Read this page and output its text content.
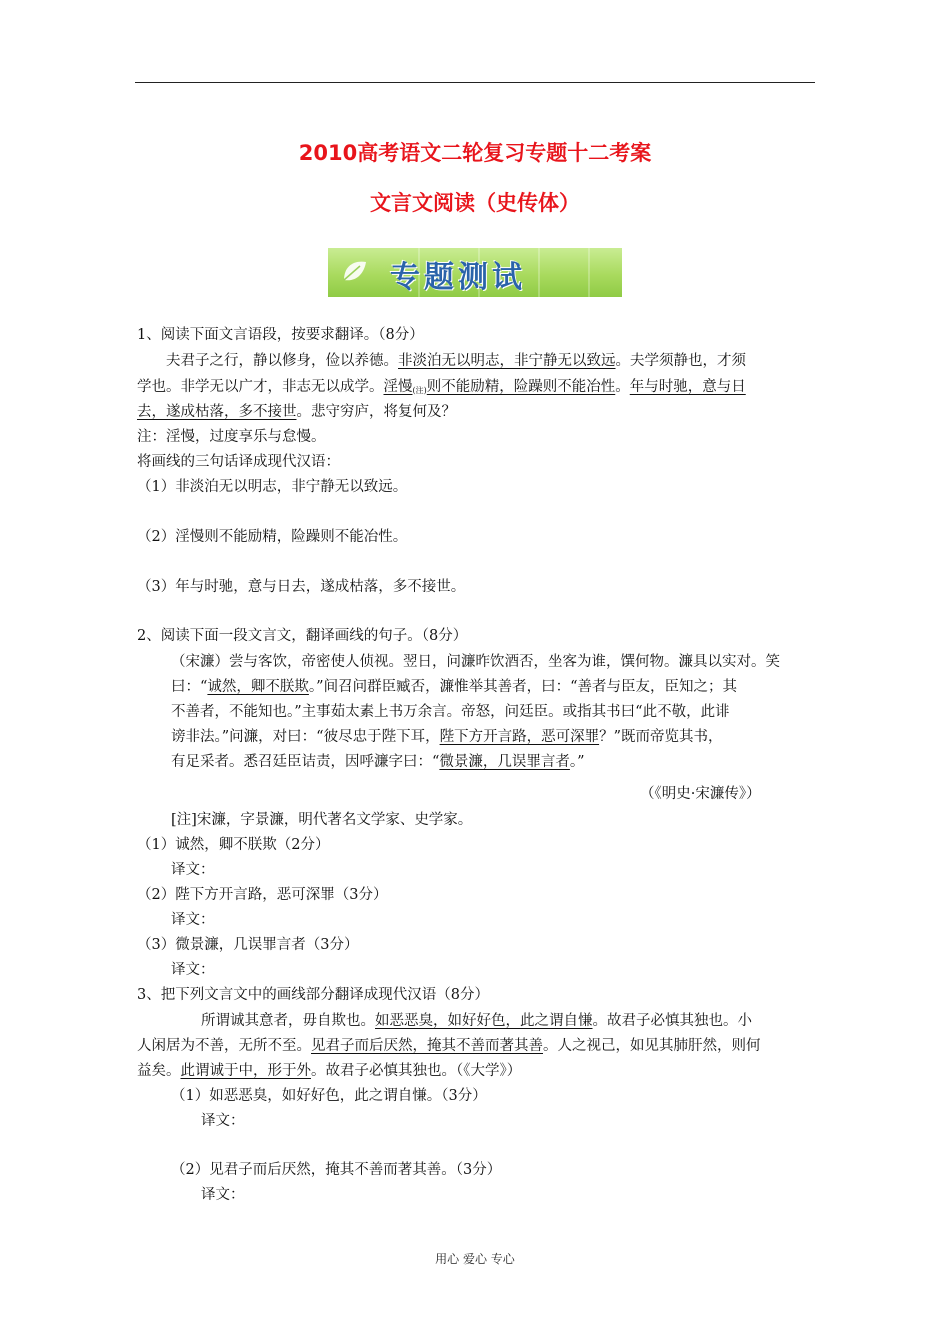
2010高考语文二轮复习专题十二考案
文言文阅读（史传体）
专题测试
1、阅读下面文言语段，按要求翻译。（8分）
夫君子之行，静以修身，俭以养德。非淡泊无以明志，非宁静无以致远。夫学须静也，才须
学也。非学无以广才，非志无以成学。淫慢$_{(注)}$则不能励精，险躁则不能冶性。年与时驰，意与日
去，遂成枯落，多不接世。悲守穷庐，将复何及？
注：淫慢，过度享乐与怠慢。
将画线的三句话译成现代汉语：
（1）非淡泊无以明志，非宁静无以致远。
（2）淫慢则不能励精，险躁则不能冶性。
（3）年与时驰，意与日去，遂成枯落，多不接世。
2、阅读下面一段文言文，翻译画线的句子。（8分）
（宋濂）尝与客饮，帝密使人侦视。翌日，问濂昨饮酒否，坐客为谁，馔何物。濂具以实对。笑
曰：“诚然，卿不朕欺。”间召问群臣臧否，濂惟举其善者，曰：“善者与臣友，臣知之；其
不善者，不能知也。”主事茹太素上书万余言。帝怒，问廷臣。或指其书曰“此不敬，此诽
谤非法。”问濂，对曰：“彼尽忠于陛下耳，陛下方开言路，恶可深罪？”既而帝览其书，
有足采者。悉召廷臣诘责，因呼濂字曰：“微景濂，几误罪言者。”
（《明史·宋濂传》）
[注]宋濂，字景濂，明代著名文学家、史学家。
（1）诚然，卿不朕欺（2分）
译文：
（2）陛下方开言路，恶可深罪（3分）
译文：
（3）微景濂，几误罪言者（3分）
译文：
3、把下列文言文中的画线部分翻译成现代汉语（8分）
所谓诚其意者，毋自欺也。如恶恶臭，如好好色，此之谓自慊。故君子必慎其独也。小
人闲居为不善，无所不至。见君子而后厌然，掩其不善而著其善。人之视己，如见其肺肝然，则何
益矣。此谓诚于中，形于外。故君子必慎其独也。（《大学》）
（1）如恶恶臭，如好好色，此之谓自慊。（3分）
译文：
（2）见君子而后厌然，掩其不善而著其善。（3分）
译文：
用心 爱心 专心
